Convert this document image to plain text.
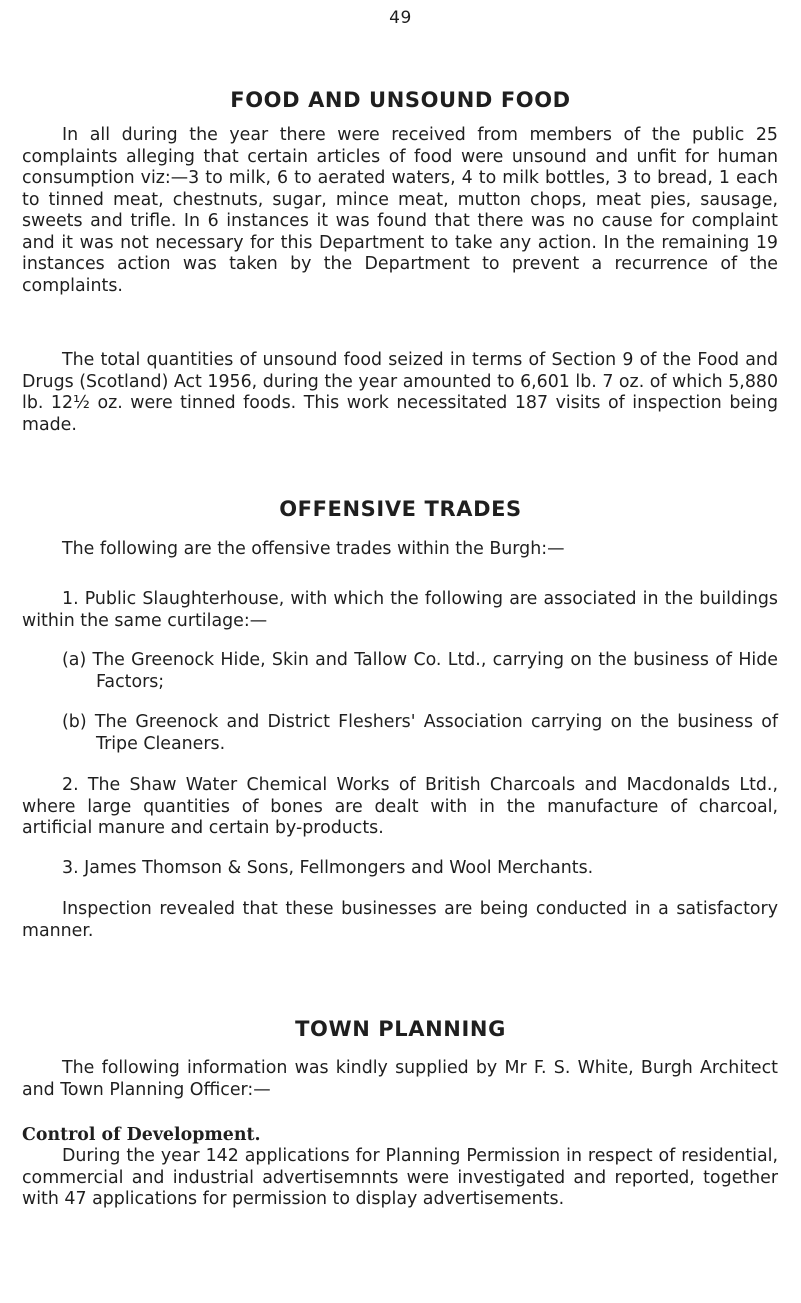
49
FOOD AND UNSOUND FOOD

In all during the year there were received from members of the public 25 complaints alleging that certain articles of food were unsound and unfit for human consumption viz:—3 to milk, 6 to aerated waters, 4 to milk bottles, 3 to bread, 1 each to tinned meat, chestnuts, sugar, mince meat, mutton chops, meat pies, sausage, sweets and trifle. In 6 instances it was found that there was no cause for complaint and it was not necessary for this Department to take any action. In the remaining 19 instances action was taken by the Department to prevent a recurrence of the complaints.

The total quantities of unsound food seized in terms of Section 9 of the Food and Drugs (Scotland) Act 1956, during the year amounted to 6,601 lb. 7 oz. of which 5,880 lb. 12½ oz. were tinned foods. This work necessitated 187 visits of inspection being made.

OFFENSIVE TRADES

The following are the offensive trades within the Burgh:—

1. Public Slaughterhouse, with which the following are associated in the buildings within the same curtilage:—

(a) The Greenock Hide, Skin and Tallow Co. Ltd., carrying on the business of Hide Factors;

(b) The Greenock and District Fleshers' Association carrying on the business of Tripe Cleaners.

2. The Shaw Water Chemical Works of British Charcoals and Macdonalds Ltd., where large quantities of bones are dealt with in the manufacture of charcoal, artificial manure and certain by-products.

3. James Thomson & Sons, Fellmongers and Wool Merchants.

Inspection revealed that these businesses are being conducted in a satisfactory manner.

TOWN PLANNING

The following information was kindly supplied by Mr F. S. White, Burgh Architect and Town Planning Officer:—

Control of Development.

During the year 142 applications for Planning Permission in respect of residential, commercial and industrial advertisemnnts were investigated and reported, together with 47 applications for permission to display advertisements.
